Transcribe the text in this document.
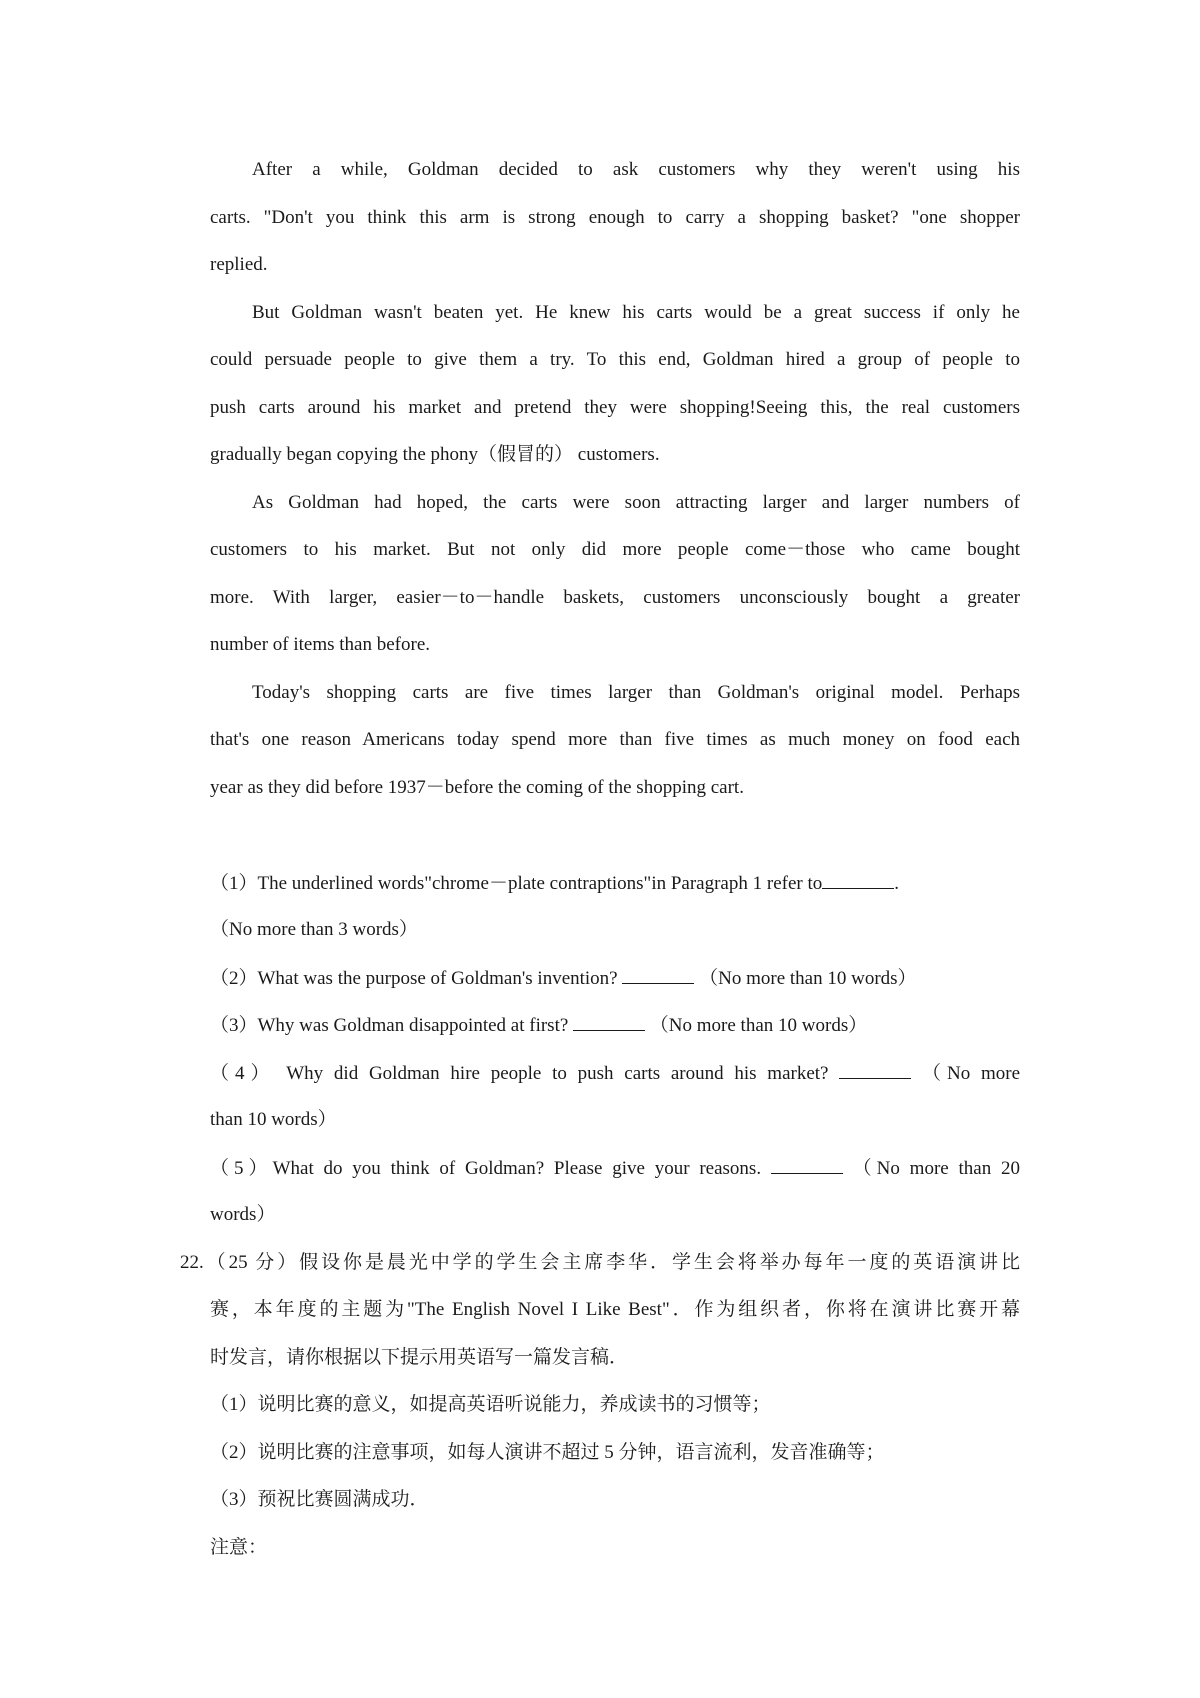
After a while, Goldman decided to ask customers why they weren't using his
carts. "Don't you think this arm is strong enough to carry a shopping basket? "one shopper
replied.
But Goldman wasn't beaten yet. He knew his carts would be a great success if only he
could persuade people to give them a try. To this end, Goldman hired a group of people to
push carts around his market and pretend they were shopping!Seeing this, the real customers
gradually began copying the phony（假冒的） customers.
As Goldman had hoped, the carts were soon attracting larger and larger numbers of
customers to his market. But not only did more people come－those who came bought
more. With larger, easier－to－handle baskets, customers unconsciously bought a greater
number of items than before.
Today's shopping carts are five times larger than Goldman's original model. Perhaps
that's one reason Americans today spend more than five times as much money on food each
year as they did before 1937－before the coming of the shopping cart.
（1）The underlined words"chrome－plate contraptions"in Paragraph 1 refer to	.
（No more than 3 words）
（2）What was the purpose of Goldman's invention?	（No more than 10 words）
（3）Why was Goldman disappointed at first?	（No more than 10 words）
（4） Why did Goldman hire people to push carts around his market?	（No more
than 10 words）
（5）What do you think of Goldman? Please give your reasons.	（No more than 20
words）
22.（25 分）假设你是晨光中学的学生会主席李华．学生会将举办每年一度的英语演讲比
赛，本年度的主题为"The English Novel I Like Best"．作为组织者，你将在演讲比赛开幕
时发言，请你根据以下提示用英语写一篇发言稿．
（1）说明比赛的意义，如提高英语听说能力，养成读书的习惯等；
（2）说明比赛的注意事项，如每人演讲不超过 5 分钟，语言流利，发音准确等；
（3）预祝比赛圆满成功．
注意：
